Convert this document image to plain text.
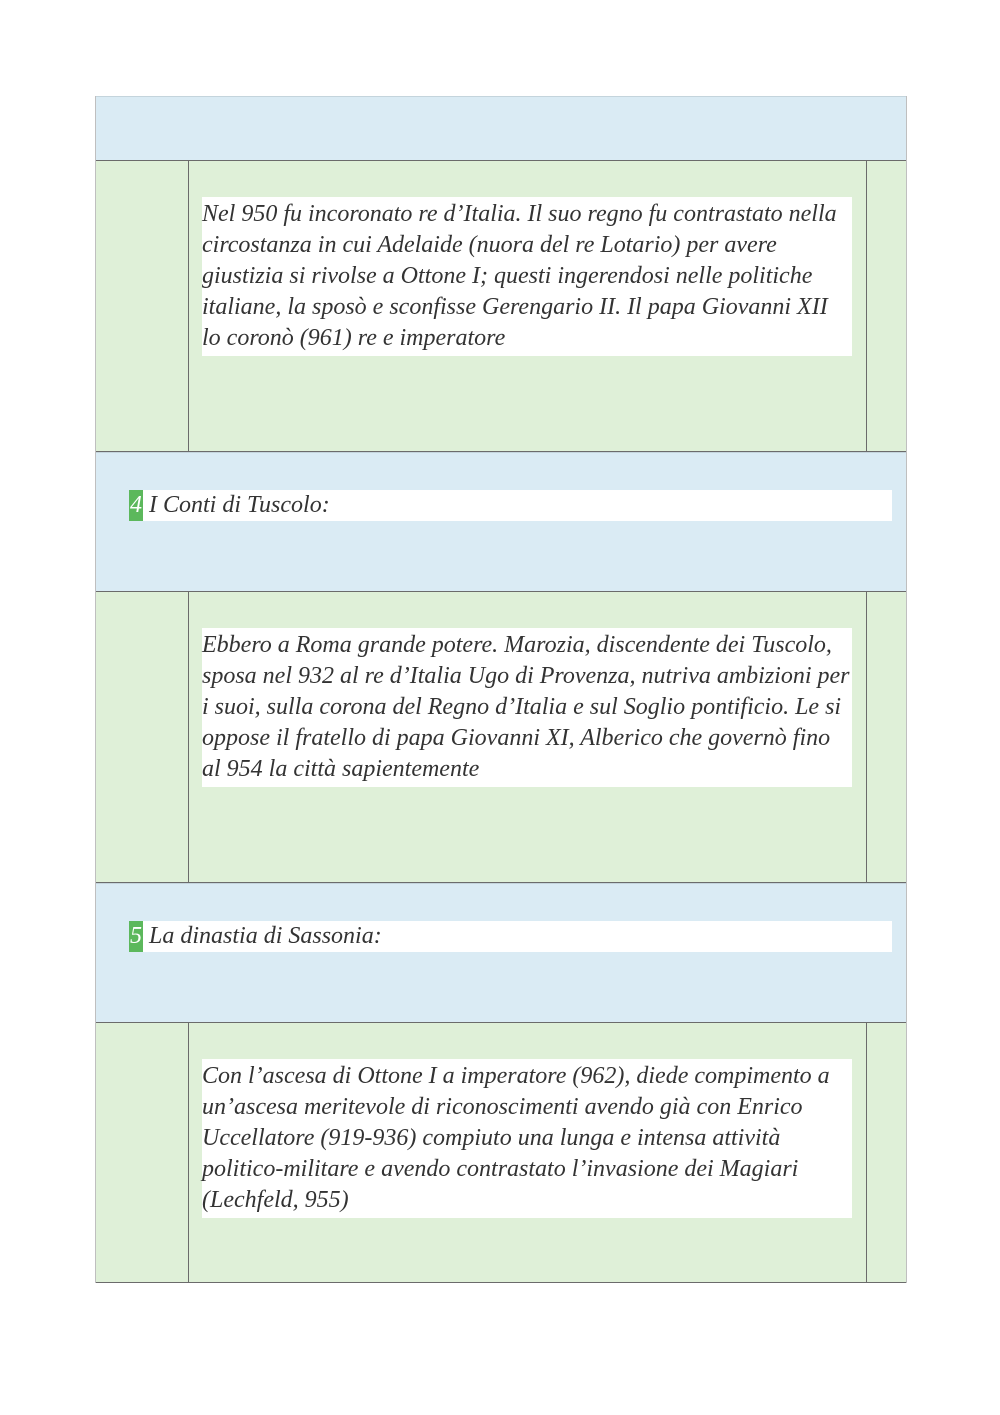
Nel 950 fu incoronato re d’Italia. Il suo regno fu contrastato nella circostanza in cui Adelaide (nuora del re Lotario) per avere giustizia si rivolse a Ottone I; questi ingerendosi nelle politiche italiane, la sposò e sconfisse Gerengario II. Il papa Giovanni XII lo coronò (961) re e imperatore
4 I Conti di Tuscolo:
Ebbero a Roma grande potere. Marozia, discendente dei Tuscolo, sposa nel 932 al re d’Italia Ugo di Provenza, nutriva ambizioni per i suoi, sulla corona del Regno d’Italia e sul Soglio pontificio. Le si oppose il fratello di papa Giovanni XI, Alberico che governò fino al 954 la città sapientemente
5 La dinastia di Sassonia:
Con l’ascesa di Ottone I a imperatore (962), diede compimento a un’ascesa meritevole di riconoscimenti avendo già con Enrico Uccellatore (919-936) compiuto una lunga e intensa attività politico-militare e avendo contrastato l’invasione dei Magiari (Lechfeld, 955)
